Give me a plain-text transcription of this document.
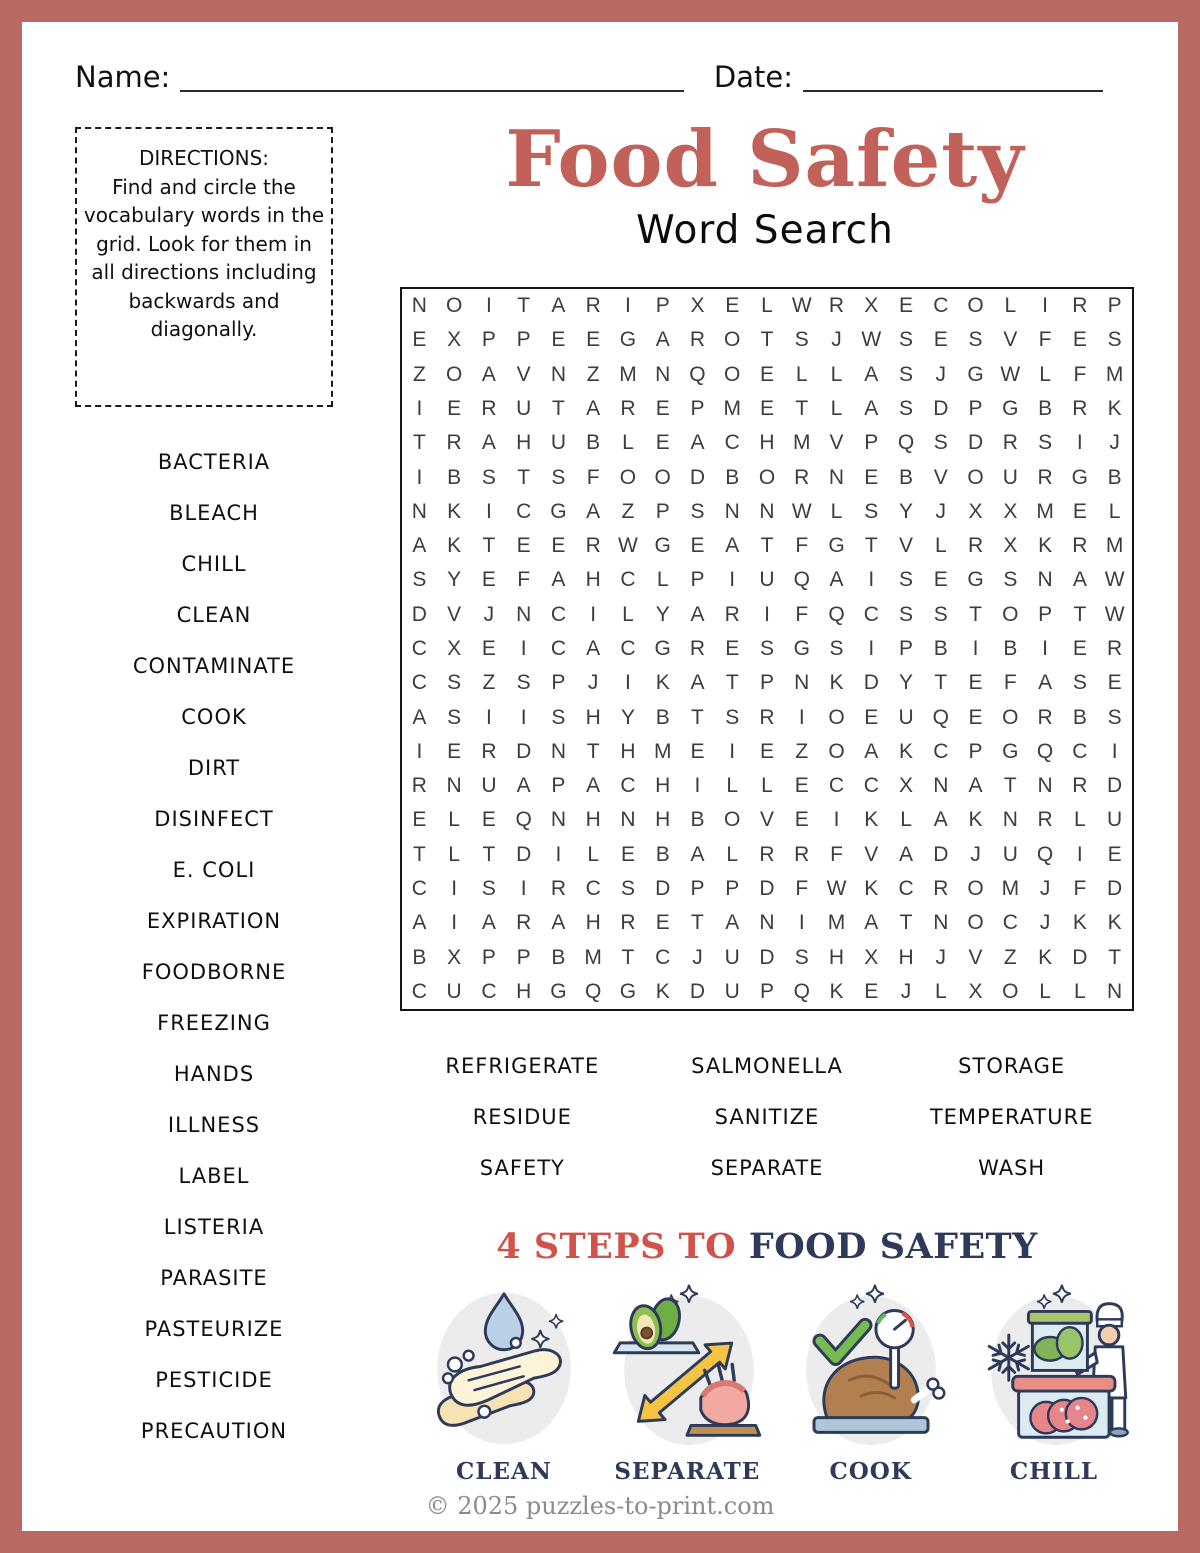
Name:	Date:
DIRECTIONS:
Find and circle the vocabulary words in the grid. Look for them in all directions including backwards and diagonally.
Food Safety
Word Search
BACTERIA
BLEACH
CHILL
CLEAN
CONTAMINATE
COOK
DIRT
DISINFECT
E. COLI
EXPIRATION
FOODBORNE
FREEZING
HANDS
ILLNESS
LABEL
LISTERIA
PARASITE
PASTEURIZE
PESTICIDE
PRECAUTION
N O	I	T	A R	I	P X E	L W R X E C O L	I	R P
E X P P E E G A R O T	S	J W S E S V	F	E S
Z O A V N Z M N Q O E	L	L	A S	J	G W L	F M
I	E R U T	A R E P M E	T	L	A S D P G B R K
T R A H U B	L	E A C H M V P Q S D R S	I	J
I	B S	T	S	F O O D B O R N E B V O U R G B
N K	I	C G A	Z	P S N N W L	S Y	J	X X M E	L
A K	T	E E R W G E A	T	F G T	V	L	R X K R M
S Y E	F	A H C	L	P	I	U Q A	I	S E G S N A W
D V	J	N C	I	L	Y A R	I	F Q C S S	T O P	T W
C X E	I	C A C G R E S G S	I	P B	I	B	I	E R
C S	Z	S P	J	I	K A	T	P N K D Y	T	E	F	A S E
A S	I	I	S H Y B	T	S R	I	O E U Q E O R B S
I	E R D N T H M E	I	E	Z O A K C P G Q C	I
R N U A P A C H	I	L	L	E C C X N A	T N R D
E	L	E Q N H N H B O V E	I	K	L	A K N R	L	U
T	L	T D	I	L	E B A	L	R R F	V A D	J	U Q	I	E
C	I	S	I	R C S D P P D F W K C R O M J	F D
A	I	A R A H R E	T	A N	I	M A	T N O C	J	K K
B X P P B M T C	J	U D S H X H	J	V	Z	K D T
C U C H G Q G K D U P Q K E	J	L	X O L	L	N
REFRIGERATE	SALMONELLA	STORAGE
RESIDUE	SANITIZE	TEMPERATURE
SAFETY	SEPARATE	WASH
4 STEPS TO FOOD SAFETY
CLEAN	SEPARATE	COOK	CHILL
© 2025 puzzles-to-print.com
